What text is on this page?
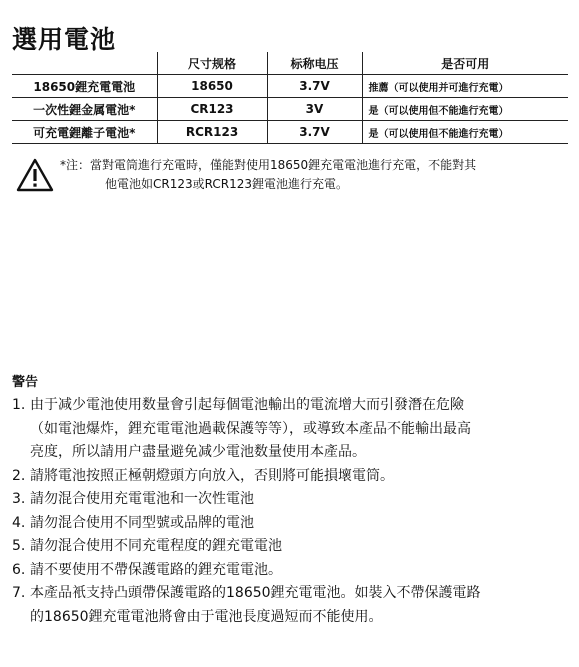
選用電池
	尺寸规格	标称电压	是否可用
18650鋰充電電池	18650	3.7V	推薦（可以使用并可進行充電）
一次性鋰金属電池*	CR123	3V	是（可以使用但不能進行充電）
可充電鋰離子電池*	RCR123	3.7V	是（可以使用但不能進行充電）
*注：當對電筒進行充電時，僅能對使用18650鋰充電電池進行充電，不能對其
他電池如CR123或RCR123鋰電池進行充電。
警告
1. 由于减少電池使用数量會引起每個電池輸出的電流增大而引發潛在危險
（如電池爆炸，鋰充電電池過載保護等等），或導致本產品不能輸出最高
亮度，所以請用户盡量避免减少電池数量使用本產品。
2. 請將電池按照正極朝燈頭方向放入，否則將可能損壞電筒。
3. 請勿混合使用充電電池和一次性電池
4. 請勿混合使用不同型號或品牌的電池
5. 請勿混合使用不同充電程度的鋰充電電池
6. 請不要使用不帶保護電路的鋰充電電池。
7. 本產品衹支持凸頭帶保護電路的18650鋰充電電池。如裝入不帶保護電路
的18650鋰充電電池將會由于電池長度過短而不能使用。
